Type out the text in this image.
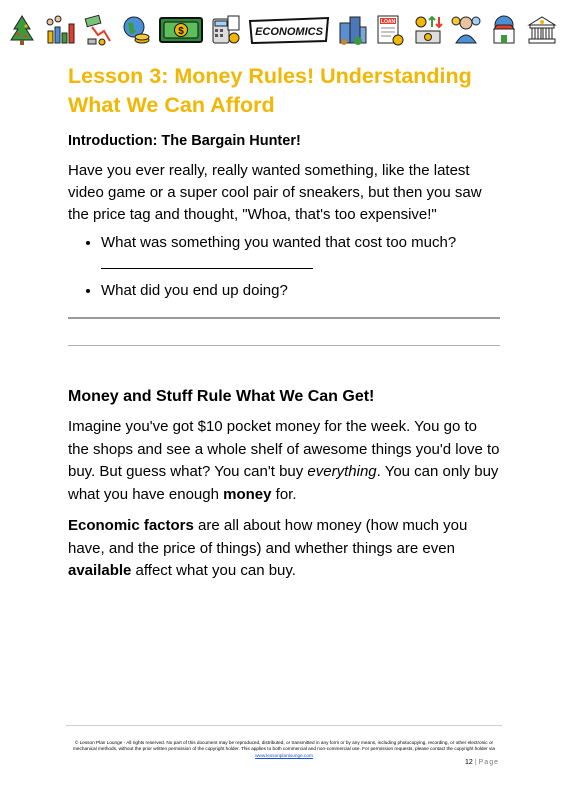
$	ECONOMICS
LOAN
Lesson 3: Money Rules! Understanding What We Can Afford
Introduction: The Bargain Hunter!

Have you ever really, really wanted something, like the latest video game or a super cool pair of sneakers, but then you saw the price tag and thought, "Whoa, that's too expensive!"

• What was something you wanted that cost too much?
• What did you end up doing?
Money and Stuff Rule What We Can Get!

Imagine you've got $10 pocket money for the week. You go to the shops and see a whole shelf of awesome things you'd love to buy. But guess what? You can't buy everything. You can only buy what you have enough money for.

Economic factors are all about how money (how much you have, and the price of things) and whether things are even available affect what you can buy.

© Lesson Plan Lounge - All rights reserved. No part of this document may be reproduced, distributed, or transmitted in any form or by any means, including photocopying, recording, or other electronic or mechanical methods, without the prior written permission of the copyright holder. This applies to both commercial and non-commercial use. For permission requests, please contact the copyright holder via
www.lessonplanlounge.com
12 | Page
